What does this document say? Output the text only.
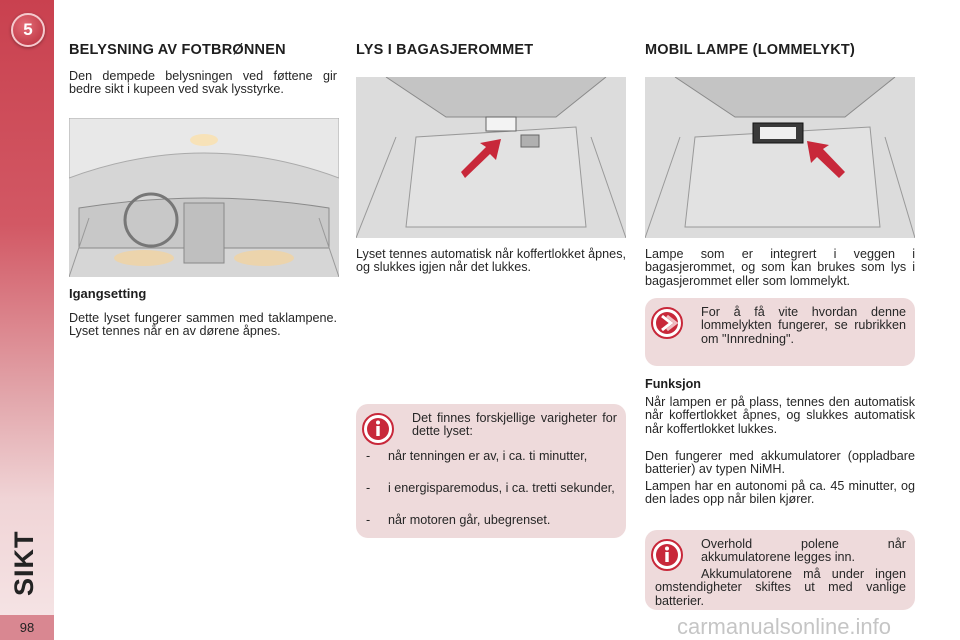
5
SIKT
98
BELYSNING AV FOTBRØNNEN
Den dempede belysningen ved føttene gir bedre sikt i kupeen ved svak lysstyrke.
Igangsetting
Dette lyset fungerer sammen med taklampene. Lyset tennes når en av dørene åpnes.
LYS I BAGASJEROMMET
Lyset tennes automatisk når koffertlokket åpnes, og slukkes igjen når det lukkes.
Det finnes forskjellige varigheter for dette lyset:
- når tenningen er av, i ca. ti minutter,
- i energisparemodus, i ca. tretti sekunder,
- når motoren går, ubegrenset.
MOBIL LAMPE (LOMMELYKT)
Lampe som er integrert i veggen i bagasjerommet, og som kan brukes som lys i bagasjerommet eller som lommelykt.
For å få vite hvordan denne lommelykten fungerer, se rubrikken om "Innredning".
Funksjon
Når lampen er på plass, tennes den automatisk når koffertlokket åpnes, og slukkes automatisk når koffertlokket lukkes.
Den fungerer med akkumulatorer (oppladbare batterier) av typen NiMH.
Lampen har en autonomi på ca. 45 minutter, og den lades opp når bilen kjører.
Overhold polene når akkumulatorene legges inn.
Akkumulatorene må under ingen omstendigheter skiftes ut med vanlige batterier.
carmanualsonline.info
